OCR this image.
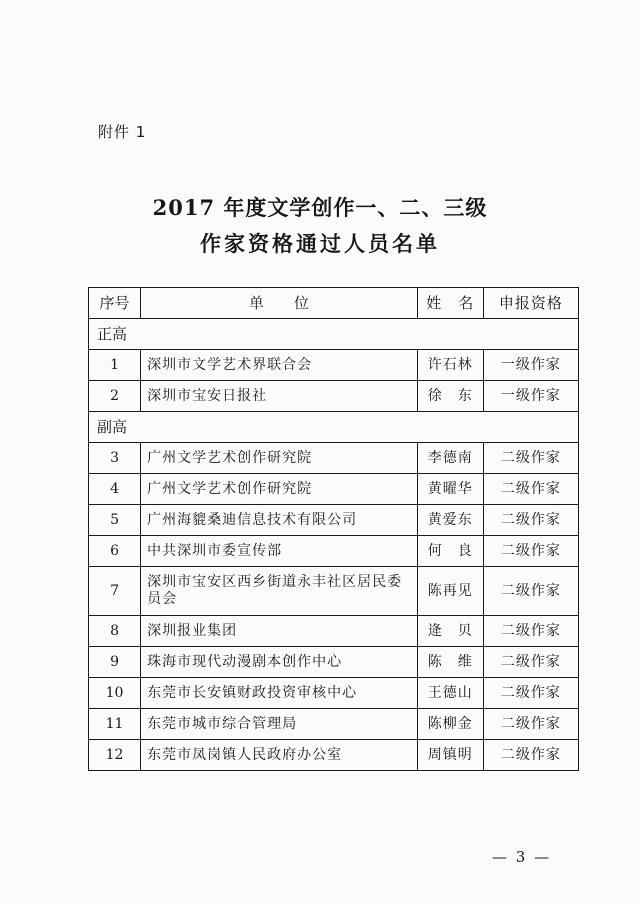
附件 1
2017 年度文学创作一、二、三级
作家资格通过人员名单
序号	单　　位	姓　名	申报资格
正高			
1	深圳市文学艺术界联合会	许石林	一级作家
2	深圳市宝安日报社	徐　东	一级作家
副高			
3	广州文学艺术创作研究院	李德南	二级作家
4	广州文学艺术创作研究院	黄曜华	二级作家
5	广州海貔桑迪信息技术有限公司	黄爱东	二级作家
6	中共深圳市委宣传部	何　良	二级作家
7	深圳市宝安区西乡街道永丰社区居民委员会	陈再见	二级作家
8	深圳报业集团	逄　贝	二级作家
9	珠海市现代动漫剧本创作中心	陈　维	二级作家
10	东莞市长安镇财政投资审核中心	王德山	二级作家
11	东莞市城市综合管理局	陈柳金	二级作家
12	东莞市凤岗镇人民政府办公室	周镇明	二级作家
— 3 —
